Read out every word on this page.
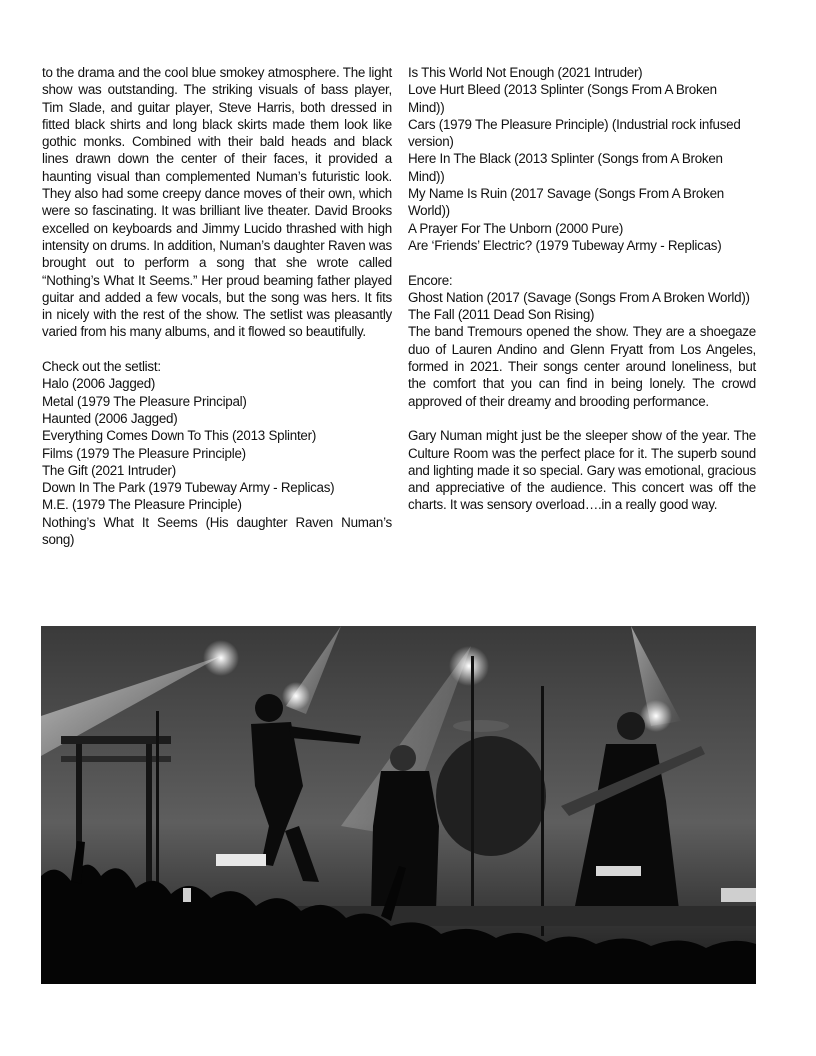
to the drama and the cool blue smokey atmosphere. The light show was outstanding. The striking visuals of bass player, Tim Slade, and guitar player, Steve Harris, both dressed in fitted black shirts and long black skirts made them look like gothic monks. Combined with their bald heads and black lines drawn down the center of their faces, it provided a haunting visual than complemented Numan’s futuristic look. They also had some creepy dance moves of their own, which were so fascinating. It was brilliant live theater. David Brooks excelled on keyboards and Jimmy Lucido thrashed with high intensity on drums. In addition, Numan’s daughter Raven was brought out to perform a song that she wrote called “Nothing’s What It Seems.” Her proud beaming father played guitar and added a few vocals, but the song was hers. It fits in nicely with the rest of the show. The setlist was pleasantly varied from his many albums, and it flowed so beautifully.

Check out the setlist:

Halo (2006 Jagged)
Metal (1979 The Pleasure Principal)
Haunted (2006 Jagged)
Everything Comes Down To This (2013 Splinter)
Films (1979 The Pleasure Principle)
The Gift (2021 Intruder)
Down In The Park (1979 Tubeway Army - Replicas)
M.E. (1979 The Pleasure Principle)
Nothing’s What It Seems (His daughter Raven Numan’s song)
Is This World Not Enough (2021 Intruder)
Love Hurt Bleed (2013 Splinter (Songs From A Broken Mind))
Cars (1979 The Pleasure Principle) (Industrial rock infused version)
Here In The Black (2013 Splinter (Songs from A Broken Mind))
My Name Is Ruin (2017 Savage (Songs From A Broken World))
A Prayer For The Unborn (2000 Pure)
Are ‘Friends’ Electric? (1979 Tubeway Army - Replicas)

Encore:

Ghost Nation (2017 (Savage (Songs From A Broken World))
The Fall (2011 Dead Son Rising)

The band Tremours opened the show. They are a shoegaze duo of Lauren Andino and Glenn Fryatt from Los Angeles, formed in 2021. Their songs center around loneliness, but the comfort that you can find in being lonely. The crowd approved of their dreamy and brooding performance.

Gary Numan might just be the sleeper show of the year. The Culture Room was the perfect place for it. The superb sound and lighting made it so special. Gary was emotional, gracious and appreciative of the audience. This concert was off the charts. It was sensory overload….in a really good way.
